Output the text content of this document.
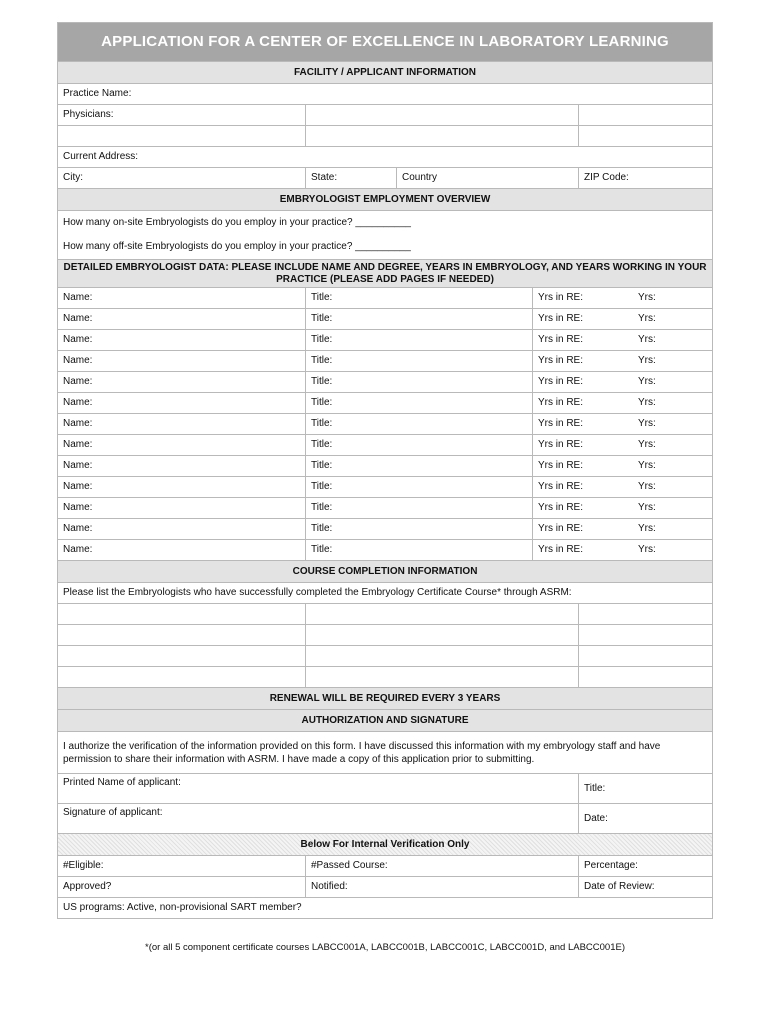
APPLICATION FOR A CENTER OF EXCELLENCE IN LABORATORY LEARNING				
FACILITY / APPLICANT INFORMATION				
Practice Name:				
Physicians:				

Current Address:				
City:	State:	Country		ZIP Code:
EMBRYOLOGIST EMPLOYMENT OVERVIEW				

How many on-site Embryologists do you employ in your practice? __________
How many off-site Embryologists do you employ in your practice? __________				

DETAILED EMBRYOLOGIST DATA: PLEASE INCLUDE NAME AND DEGREE, YEARS IN EMBRYOLOGY, AND YEARS WORKING IN YOUR PRACTICE (PLEASE ADD PAGES IF NEEDED)				
Name:	Title:		Yrs in RE: Yrs:	
Name:	Title:		Yrs in RE: Yrs:	
Name:	Title:		Yrs in RE: Yrs:	
Name:	Title:		Yrs in RE: Yrs:	
Name:	Title:		Yrs in RE: Yrs:	
Name:	Title:		Yrs in RE: Yrs:	
Name:	Title:		Yrs in RE: Yrs:	
Name:	Title:		Yrs in RE: Yrs:	
Name:	Title:		Yrs in RE: Yrs:	
Name:	Title:		Yrs in RE: Yrs:	
Name:	Title:		Yrs in RE: Yrs:	
Name:	Title:		Yrs in RE: Yrs:	
Name:	Title:		Yrs in RE: Yrs:	
COURSE COMPLETION INFORMATION				
Please list the Embryologists who have successfully completed the Embryology Certificate Course* through ASRM:				

RENEWAL WILL BE REQUIRED EVERY 3 YEARS				
AUTHORIZATION AND SIGNATURE				
I authorize the verification of the information provided on this form. I have discussed this information with my embryology staff and have permission to share their information with ASRM. I have made a copy of this application prior to submitting.				
Printed Name of applicant:				Title:
Signature of applicant:				Date:
Below For Internal Verification Only				
#Eligible:	#Passed Course:			Percentage:
Approved?	Notified:			Date of Review:
US programs: Active, non-provisional SART member?				
*(or all 5 component certificate courses LABCC001A, LABCC001B, LABCC001C, LABCC001D, and LABCC001E)
